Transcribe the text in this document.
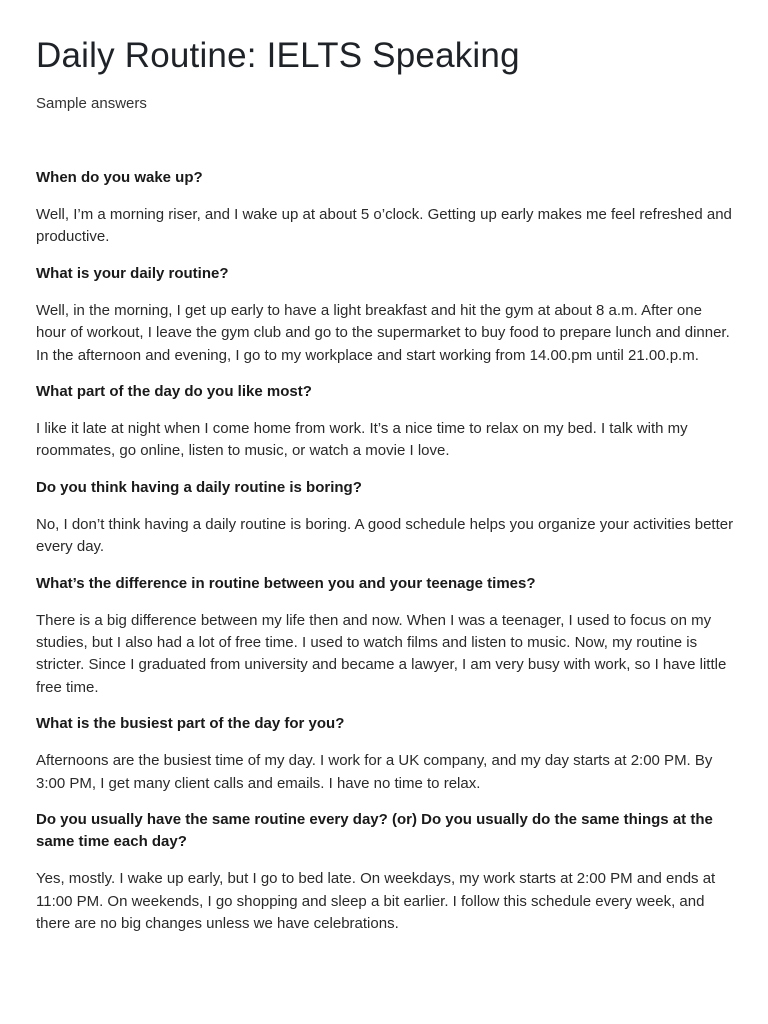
Daily Routine: IELTS Speaking

Sample answers

When do you wake up?

Well, I’m a morning riser, and I wake up at about 5 o’clock. Getting up early makes me feel refreshed and productive.

What is your daily routine?

Well, in the morning, I get up early to have a light breakfast and hit the gym at about 8 a.m. After one hour of workout, I leave the gym club and go to the supermarket to buy food to prepare lunch and dinner. In the afternoon and evening, I go to my workplace and start working from 14.00.pm until 21.00.p.m.

What part of the day do you like most?

I like it late at night when I come home from work. It’s a nice time to relax on my bed. I talk with my roommates, go online, listen to music, or watch a movie I love.

Do you think having a daily routine is boring?

No, I don’t think having a daily routine is boring. A good schedule helps you organize your activities better every day.

What’s the difference in routine between you and your teenage times?

There is a big difference between my life then and now. When I was a teenager, I used to focus on my studies, but I also had a lot of free time. I used to watch films and listen to music. Now, my routine is stricter. Since I graduated from university and became a lawyer, I am very busy with work, so I have little free time.

What is the busiest part of the day for you?

Afternoons are the busiest time of my day. I work for a UK company, and my day starts at 2:00 PM. By 3:00 PM, I get many client calls and emails. I have no time to relax.

Do you usually have the same routine every day? (or) Do you usually do the same things at the same time each day?

Yes, mostly. I wake up early, but I go to bed late. On weekdays, my work starts at 2:00 PM and ends at 11:00 PM. On weekends, I go shopping and sleep a bit earlier. I follow this schedule every week, and there are no big changes unless we have celebrations.
